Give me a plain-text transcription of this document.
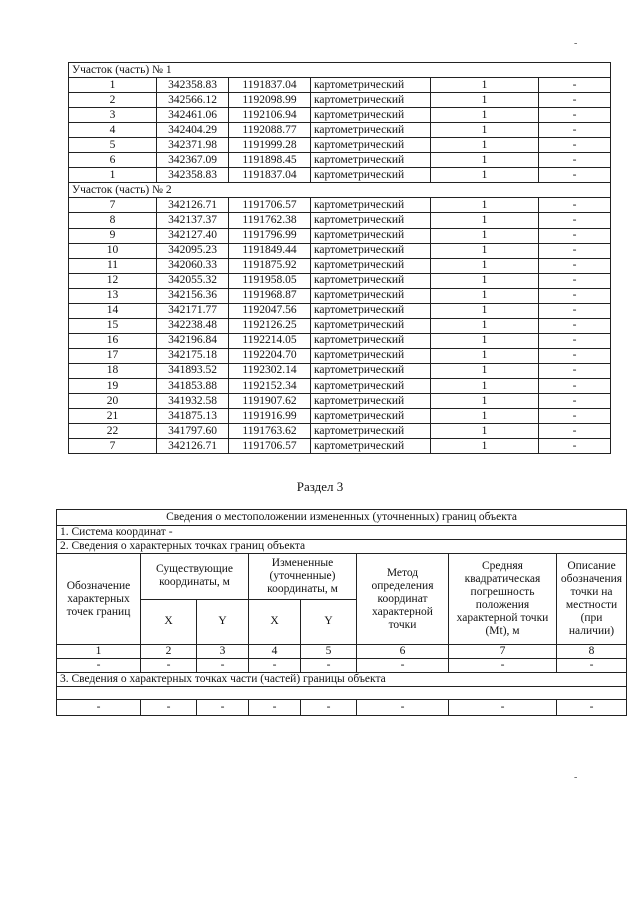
Участок (часть) № 1					
1	342358.83	1191837.04	картометрический	1	-
2	342566.12	1192098.99	картометрический	1	-
3	342461.06	1192106.94	картометрический	1	-
4	342404.29	1192088.77	картометрический	1	-
5	342371.98	1191999.28	картометрический	1	-
6	342367.09	1191898.45	картометрический	1	-
1	342358.83	1191837.04	картометрический	1	-
Участок (часть) № 2					
7	342126.71	1191706.57	картометрический	1	-
8	342137.37	1191762.38	картометрический	1	-
9	342127.40	1191796.99	картометрический	1	-
10	342095.23	1191849.44	картометрический	1	-
11	342060.33	1191875.92	картометрический	1	-
12	342055.32	1191958.05	картометрический	1	-
13	342156.36	1191968.87	картометрический	1	-
14	342171.77	1192047.56	картометрический	1	-
15	342238.48	1192126.25	картометрический	1	-
16	342196.84	1192214.05	картометрический	1	-
17	342175.18	1192204.70	картометрический	1	-
18	341893.52	1192302.14	картометрический	1	-
19	341853.88	1192152.34	картометрический	1	-
20	341932.58	1191907.62	картометрический	1	-
21	341875.13	1191916.99	картометрический	1	-
22	341797.60	1191763.62	картометрический	1	-
7	342126.71	1191706.57	картометрический	1	-
Раздел 3
Сведения о местоположении измененных (уточненных) границ объекта							
1. Система координат -							
2. Сведения о характерных точках границ объекта							
Обозначение характерных точек границ	Существующие координаты, м		Измененные (уточненные) координаты, м		Метод определения координат характерной точки	Средняя квадратическая погрешность положения характерной точки (Mt), м	Описание обозначения точки на местности (при наличии)
	X	Y	X	Y			
1	2	3	4	5	6	7	8
-	-	-	-	-	-	-	-
3. Сведения о характерных точках части (частей) границы объекта							

-	-	-	-	-	-	-	-
-
-
